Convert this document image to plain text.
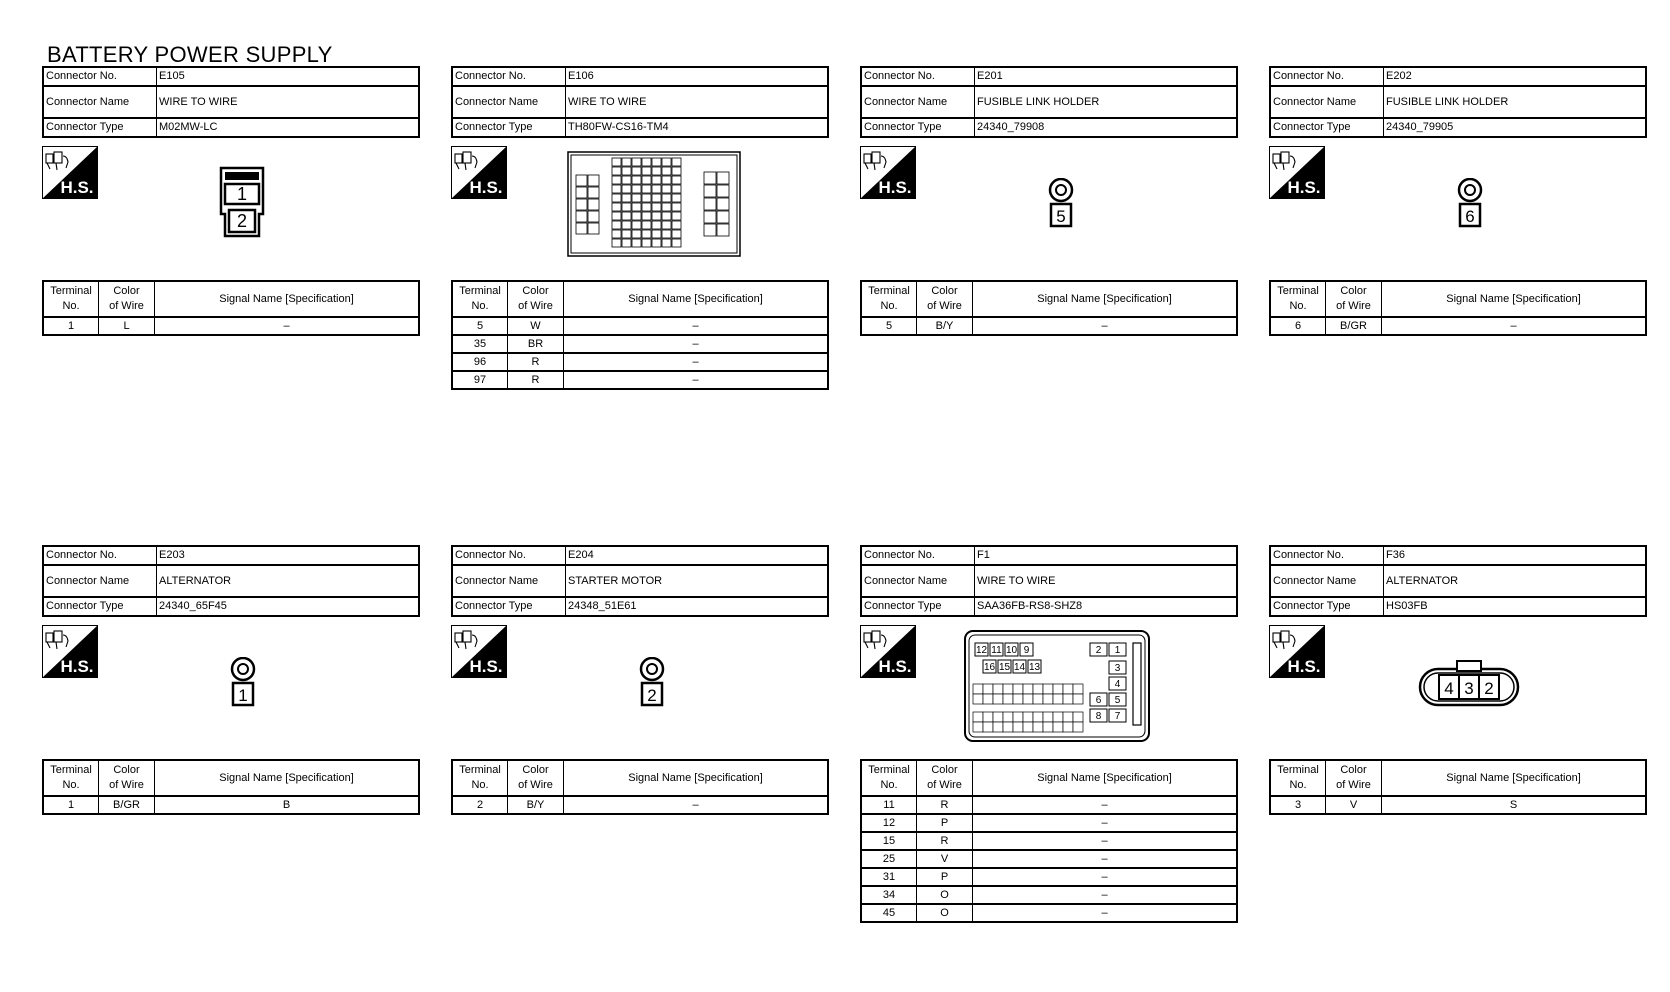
BATTERY POWER SUPPLY
Connector No.	E105
Connector Name	WIRE TO WIRE
Connector Type	M02MW-LC
H.S.	1
2
Terminal
No.	Color
of Wire	Signal Name [Specification]
1	L	–
Connector No.	E106
Connector Name	WIRE TO WIRE
Connector Type	TH80FW-CS16-TM4
H.S.
Terminal
No.	Color
of Wire	Signal Name [Specification]
5	W	–
35	BR	–
96	R	–
97	R	–
Connector No.	E201
Connector Name	FUSIBLE LINK HOLDER
Connector Type	24340_79908
H.S.
5
Terminal
No.	Color
of Wire	Signal Name [Specification]
5	B/Y	–
Connector No.	E202
Connector Name	FUSIBLE LINK HOLDER
Connector Type	24340_79905
H.S.
6
Terminal
No.	Color
of Wire	Signal Name [Specification]
6	B/GR	–
Connector No.	E203
Connector Name	ALTERNATOR
Connector Type	24340_65F45
H.S.
1
Terminal
No.	Color
of Wire	Signal Name [Specification]
1	B/GR	B
Connector No.	E204
Connector Name	STARTER MOTOR
Connector Type	24348_51E61
H.S.
2
Terminal
No.	Color
of Wire	Signal Name [Specification]
2	B/Y	–
Connector No.	F1
Connector Name	WIRE TO WIRE
Connector Type	SAA36FB-RS8-SHZ8
H.S.
12 11 10 9
16 15 14 13
2 1
3
4
6 5
8 7
Terminal
No.	Color
of Wire	Signal Name [Specification]
11	R	–
12	P	–
15	R	–
25	V	–
31	P	–
34	O	–
45	O	–
Connector No.	F36
Connector Name	ALTERNATOR
Connector Type	HS03FB
H.S.
4 3 2
Terminal
No.	Color
of Wire	Signal Name [Specification]
3	V	S
